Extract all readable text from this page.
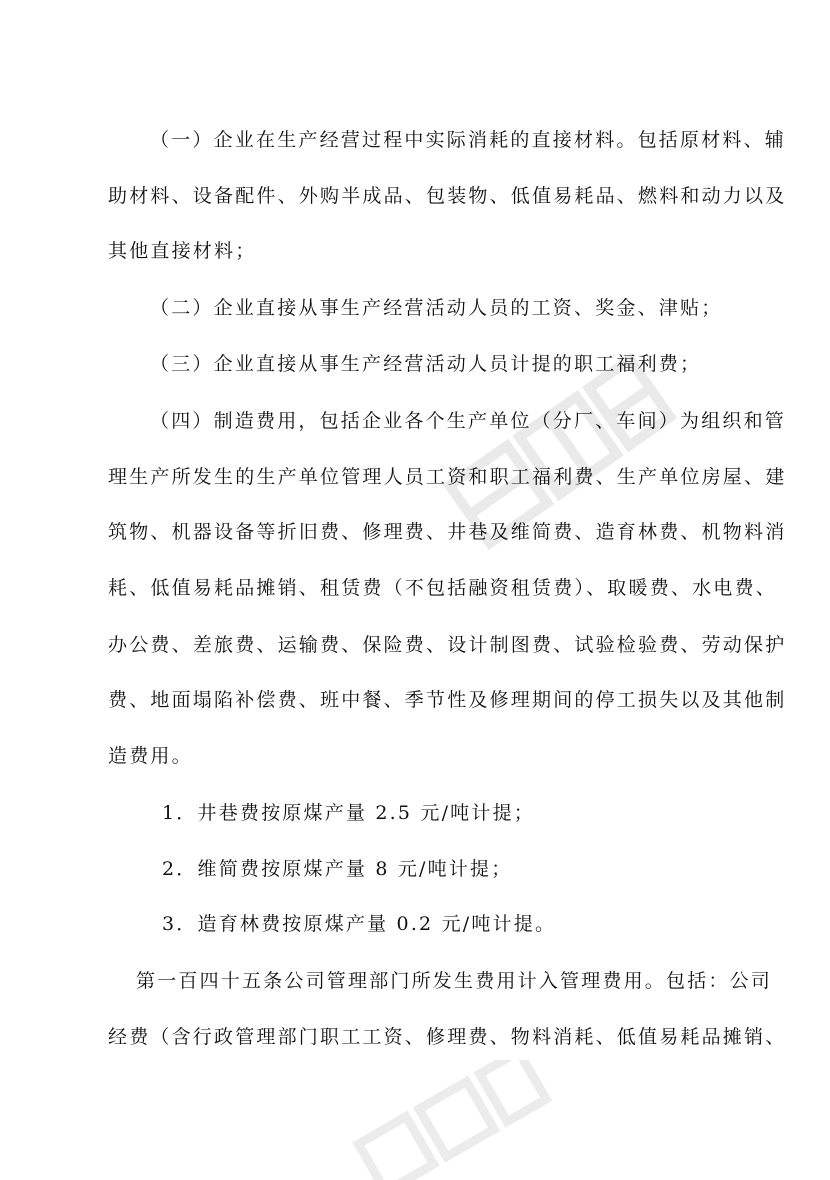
（一）企业在生产经营过程中实际消耗的直接材料。包括原材料、辅
助材料、设备配件、外购半成品、包装物、低值易耗品、燃料和动力以及
其他直接材料；
（二）企业直接从事生产经营活动人员的工资、奖金、津贴；
（三）企业直接从事生产经营活动人员计提的职工福利费；
（四）制造费用，包括企业各个生产单位（分厂、车间）为组织和管
理生产所发生的生产单位管理人员工资和职工福利费、生产单位房屋、建
筑物、机器设备等折旧费、修理费、井巷及维简费、造育林费、机物料消
耗、低值易耗品摊销、租赁费（不包括融资租赁费）、取暖费、水电费、
办公费、差旅费、运输费、保险费、设计制图费、试验检验费、劳动保护
费、地面塌陷补偿费、班中餐、季节性及修理期间的停工损失以及其他制
造费用。
1．井巷费按原煤产量 2.5 元/吨计提；
2．维简费按原煤产量 8 元/吨计提；
3．造育林费按原煤产量 0.2 元/吨计提。
第一百四十五条公司管理部门所发生费用计入管理费用。包括：公司
经费（含行政管理部门职工工资、修理费、物料消耗、低值易耗品摊销、
